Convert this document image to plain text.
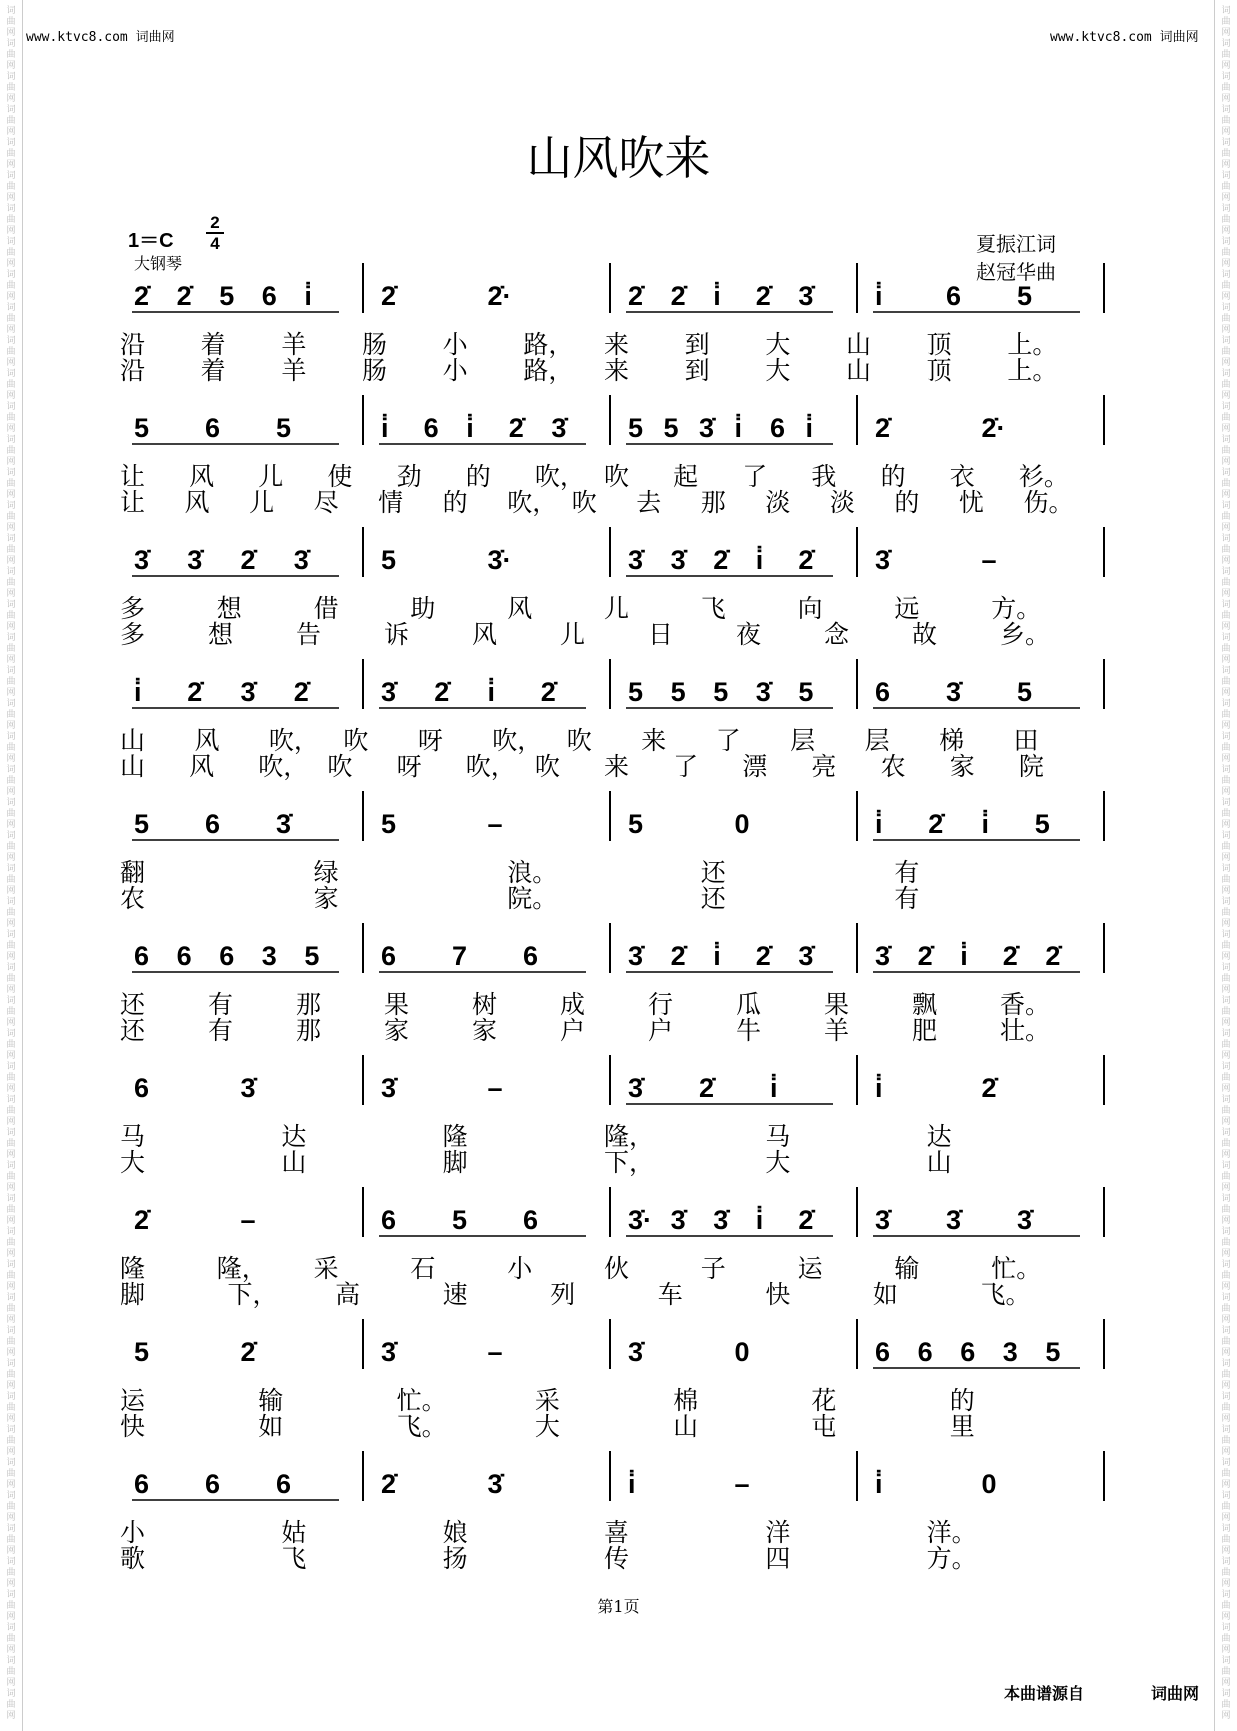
词
曲
网
词
曲
网
词
曲
网
词
曲
网
词
曲
网
词
曲
网
词
曲
网
词
曲
网
词
曲
网
词
曲
网
词
曲
网
词
曲
网
词
曲
网
词
曲
网
词
曲
网
词
曲
网
词
曲
网
词
曲
网
词
曲
网
词
曲
网
词
曲
网
词
曲
网
词
曲
网
词
曲
网
词
曲
网
词
曲
网
词
曲
网
词
曲
网
词
曲
网
词
曲
网
词
曲
网
词
曲
网
词
曲
网
词
曲
网
词
曲
网
词
曲
网
词
曲
网
词
曲
网
词
曲
网
词
曲
网
词
曲
网
词
曲
网
词
曲
网
词
曲
网
词
曲
网
词
曲
网
词
曲
网
词
曲
网
词
曲
网
词
曲
网
词
曲
网
词
曲
网
词
曲
网
词
曲
网
词
曲
网
词
曲
网
词
曲
网
词
曲
网
词
曲
网
词
曲
网
词
曲
网
词
曲
网
词
曲
网
词
曲
网
词
曲
网
词
曲
网
词
曲
网
词
曲
网
词
曲
网
词
曲
网
词
曲
网
词
曲
网
词
曲
网
词
曲
网
词
曲
网
词
曲
网
词
曲
网
词
曲
网
词
曲
网
词
曲
网
词
曲
网
词
曲
网
词
曲
网
词
曲
网
词
曲
网
词
曲
网
词
曲
网
词
曲
网
词
曲
网
词
曲
网
词
曲
网
词
曲
网
词
曲
网
词
曲
网
词
曲
网
词
曲
网
词
曲
网
词
曲
网
词
曲
网
词
曲
网
词
曲
网
词
曲
网
词
曲
网
词
曲
网
www.ktvc8.com 词曲网	www.ktvc8.com 词曲网
山风吹来
1＝C
2
4
大钢琴
夏振江词
赵冠华曲
2̇ 2̇ 5 6 i̇	2̇	2̇·	2̇ 2̇ i̇ 2̇ 3̇ i̇ 6 5
沿 着 羊 肠 小 路， 来 到 大 山 顶 上。
沿 着 羊 肠 小 路， 来 到 大 山 顶 上。
5 6 5	i̇ 6 i̇ 2̇ 3̇ 5 5 3̇ i̇ 6 i̇ 2̇	2̇·
让 风 儿 使 劲 的 吹， 吹 起 了 我 的 衣 衫。
让 风 儿 尽 情 的 吹， 吹 去 那 淡 淡 的 忧 伤。
3̇ 3̇ 2̇ 3̇	5	3̇·	3̇ 3̇ 2̇ i̇ 2̇ 3̇	–
多	想	借	助	风	儿	飞	向	远	方。
多	想	告	诉	风	儿	日	夜	念	故	乡。
i̇ 2̇ 3̇ 2̇	3̇ 2̇ i̇ 2̇	5 5 5 3̇ 5 6 3̇ 5
山 风 吹， 吹 呀 吹， 吹 来 了 层 层 梯 田
山 风 吹， 吹 呀 吹， 吹 来 了 漂 亮 农 家 院
5 6 3̇	5	–	5	0	i̇ 2̇ i̇ 5
翻	绿	浪。	还	有
农	家	院。	还	有
6 6 6 3 5 6 7 6	3̇ 2̇ i̇ 2̇ 3̇ 3̇ 2̇ i̇ 2̇ 2̇
还	有	那	果	树	成	行	瓜	果	飘	香。
还	有	那	家	家	户	户	牛	羊	肥	壮。
6	3̇	3̇	–	3̇ 2̇ i̇	i̇	2̇
马	达	隆	隆，	马	达
大	山	脚	下，	大	山
2̇	–	6 5 6	3̇· 3̇ 3̇ i̇ 2̇ 3̇ 3̇ 3̇
隆	隆， 采	石	小	伙	子	运	输	忙。
脚	下， 高	速	列	车	快	如	飞。
5	2̇	3̇	–	3̇	0	6 6 6 3 5
运	输	忙。	采	棉	花	的
快	如	飞。	大	山	屯	里
6 6 6	2̇	3̇	i̇	–	i̇	0
小	姑	娘	喜	洋	洋。
歌	飞	扬	传	四	方。
第1页
本曲谱源自	词曲网
